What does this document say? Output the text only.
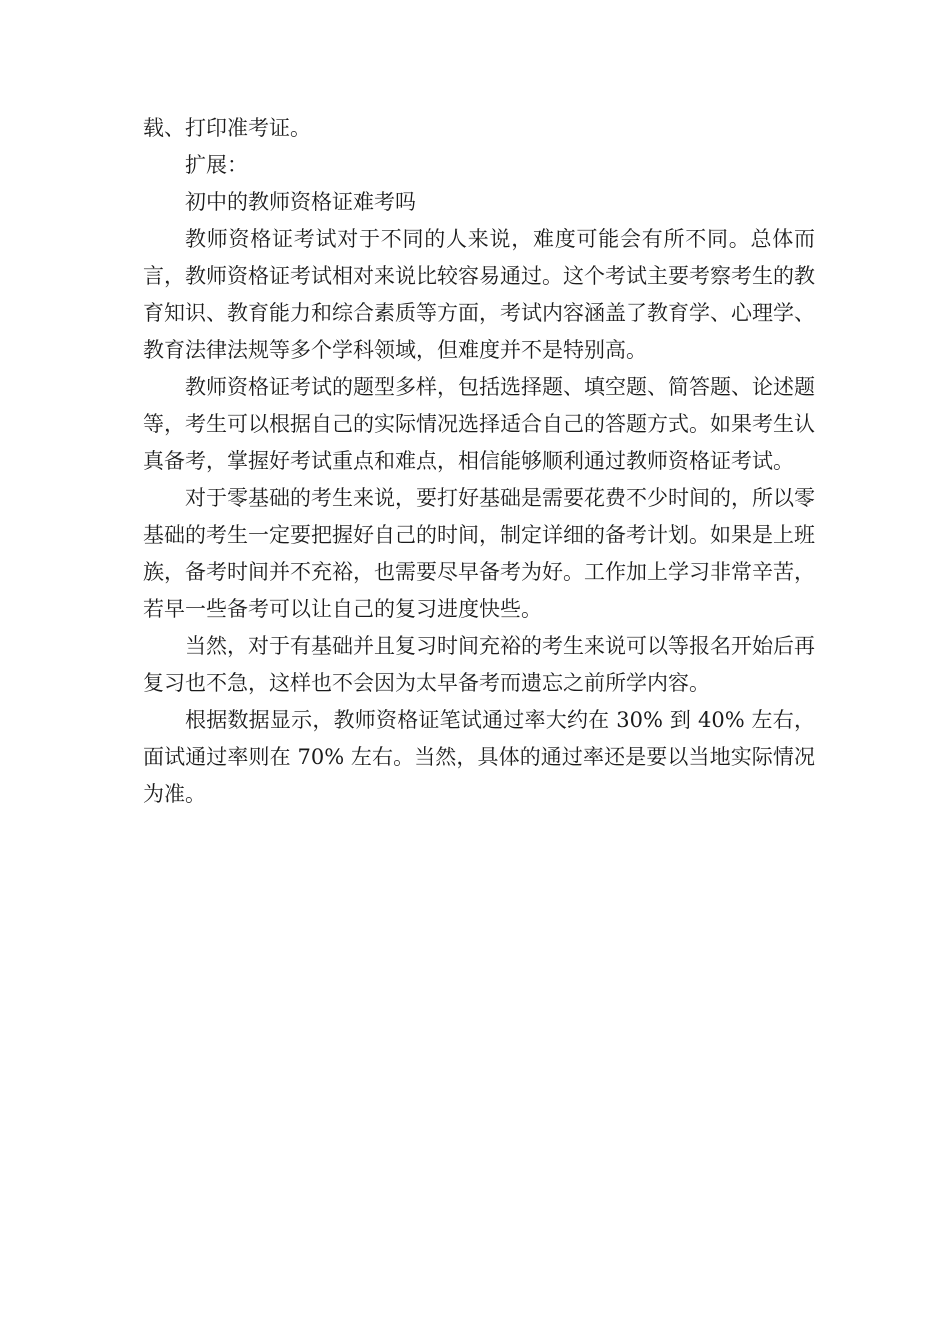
载、打印准考证。

扩展：

初中的教师资格证难考吗

教师资格证考试对于不同的人来说，难度可能会有所不同。总体而言，教师资格证考试相对来说比较容易通过。这个考试主要考察考生的教育知识、教育能力和综合素质等方面，考试内容涵盖了教育学、心理学、教育法律法规等多个学科领域，但难度并不是特别高。

教师资格证考试的题型多样，包括选择题、填空题、简答题、论述题等，考生可以根据自己的实际情况选择适合自己的答题方式。如果考生认真备考，掌握好考试重点和难点，相信能够顺利通过教师资格证考试。

对于零基础的考生来说，要打好基础是需要花费不少时间的，所以零基础的考生一定要把握好自己的时间，制定详细的备考计划。如果是上班族，备考时间并不充裕，也需要尽早备考为好。工作加上学习非常辛苦，若早一些备考可以让自己的复习进度快些。

当然，对于有基础并且复习时间充裕的考生来说可以等报名开始后再复习也不急，这样也不会因为太早备考而遗忘之前所学内容。

根据数据显示，教师资格证笔试通过率大约在 30% 到 40% 左右，面试通过率则在 70% 左右。当然，具体的通过率还是要以当地实际情况为准。
